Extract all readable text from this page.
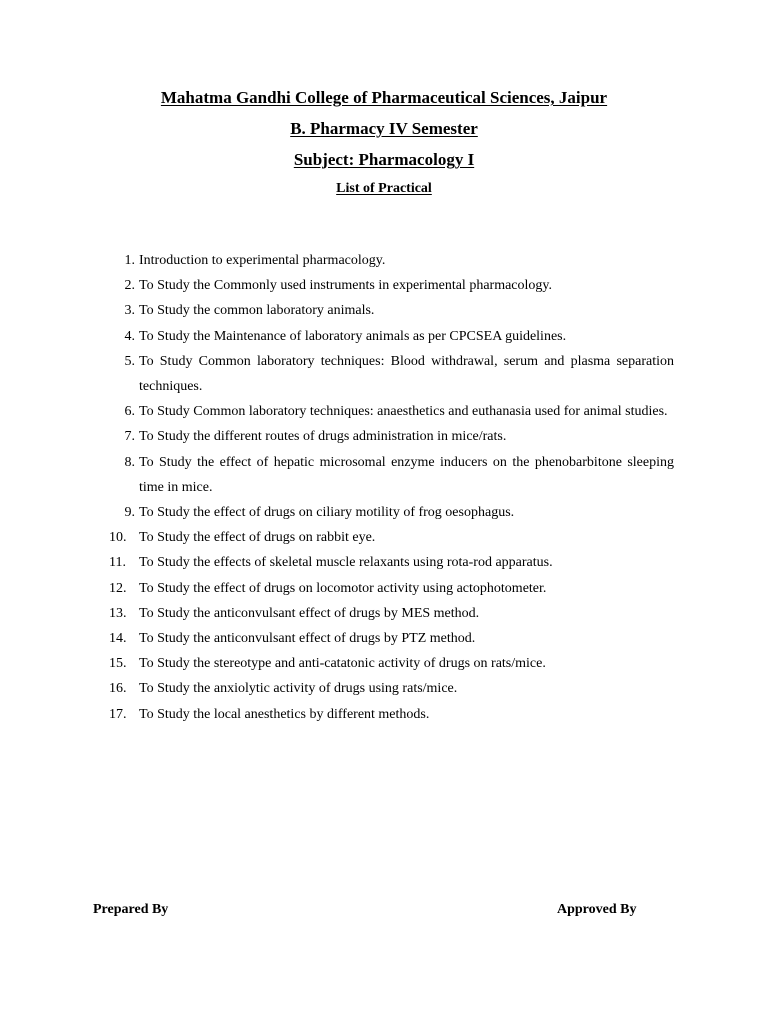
Mahatma Gandhi College of Pharmaceutical Sciences, Jaipur

B. Pharmacy IV Semester

Subject: Pharmacology I

List of Practical

1. Introduction to experimental pharmacology.
2. To Study the Commonly used instruments in experimental pharmacology.
3. To Study the common laboratory animals.
4. To Study the Maintenance of laboratory animals as per CPCSEA guidelines.
5. To Study Common laboratory techniques: Blood withdrawal, serum and plasma separation techniques.
6. To Study Common laboratory techniques: anaesthetics and euthanasia used for animal studies.
7. To Study the different routes of drugs administration in mice/rats.
8. To Study the effect of hepatic microsomal enzyme inducers on the phenobarbitone sleeping time in mice.
9. To Study the effect of drugs on ciliary motility of frog oesophagus.
10. To Study the effect of drugs on rabbit eye.
11. To Study the effects of skeletal muscle relaxants using rota-rod apparatus.
12. To Study the effect of drugs on locomotor activity using actophotometer.
13. To Study the anticonvulsant effect of drugs by MES method.
14. To Study the anticonvulsant effect of drugs by PTZ method.
15. To Study the stereotype and anti-catatonic activity of drugs on rats/mice.
16. To Study the anxiolytic activity of drugs using rats/mice.
17. To Study the local anesthetics by different methods.

Prepared By	Approved By
